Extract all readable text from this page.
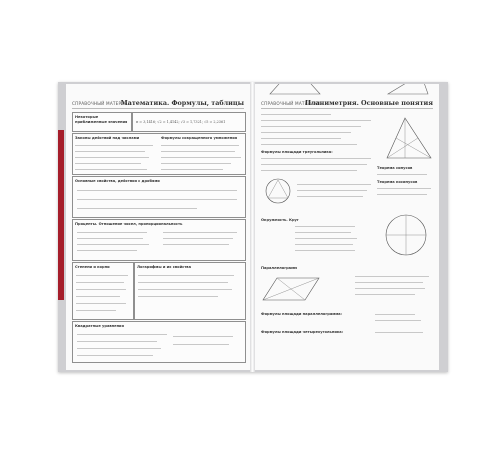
СПРАВОЧНЫЙ МАТЕРИАЛ
Математика. Формулы, таблицы
Некоторые приближенные значения	π ≈ 3,1416; √2 ≈ 1,4142; √3 ≈ 1,7321; √5 ≈ 2,2361
Законы действий над числами	Формулы сокращенного умножения
Основные свойства, действия с дробями
Проценты. Отношение чисел, пропорциональность
Степени и корни	Логарифмы и их свойства
Квадратные уравнения
СПРАВОЧНЫЙ МАТЕРИАЛ
Планиметрия. Основные понятия
Формулы площади треугольника:
Теорема синусов
Теорема косинусов
Окружность. Круг
Параллелограмм
Формулы площади параллелограмма:
Формулы площади четырехугольника:
